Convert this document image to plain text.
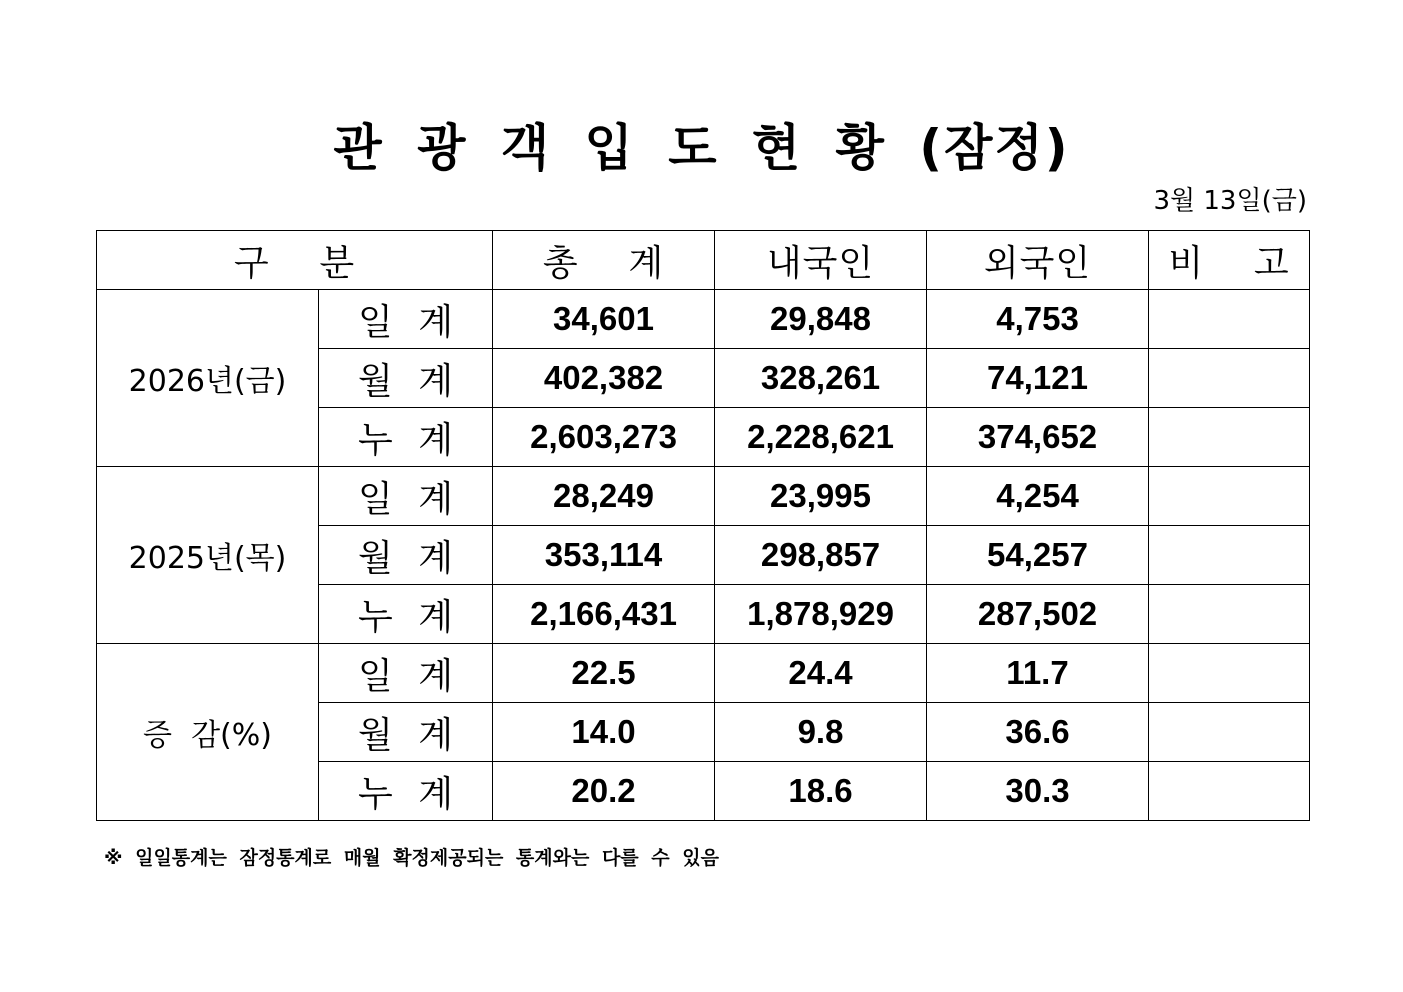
관 광 객 입 도 현 황 (잠정)
3월 13일(금)
구    분		총    계	내국인	외국인	비    고
2026년(금)	일 계	34,601	29,848	4,753	
	월 계	402,382	328,261	74,121	
	누 계	2,603,273	2,228,621	374,652	
2025년(목)	일 계	28,249	23,995	4,254	
	월 계	353,114	298,857	54,257	
	누 계	2,166,431	1,878,929	287,502	
증  감(%)	일 계	22.5	24.4	11.7	
	월 계	14.0	9.8	36.6	
	누 계	20.2	18.6	30.3	
※ 일일통계는 잠정통계로 매월 확정제공되는 통계와는 다를 수 있음
